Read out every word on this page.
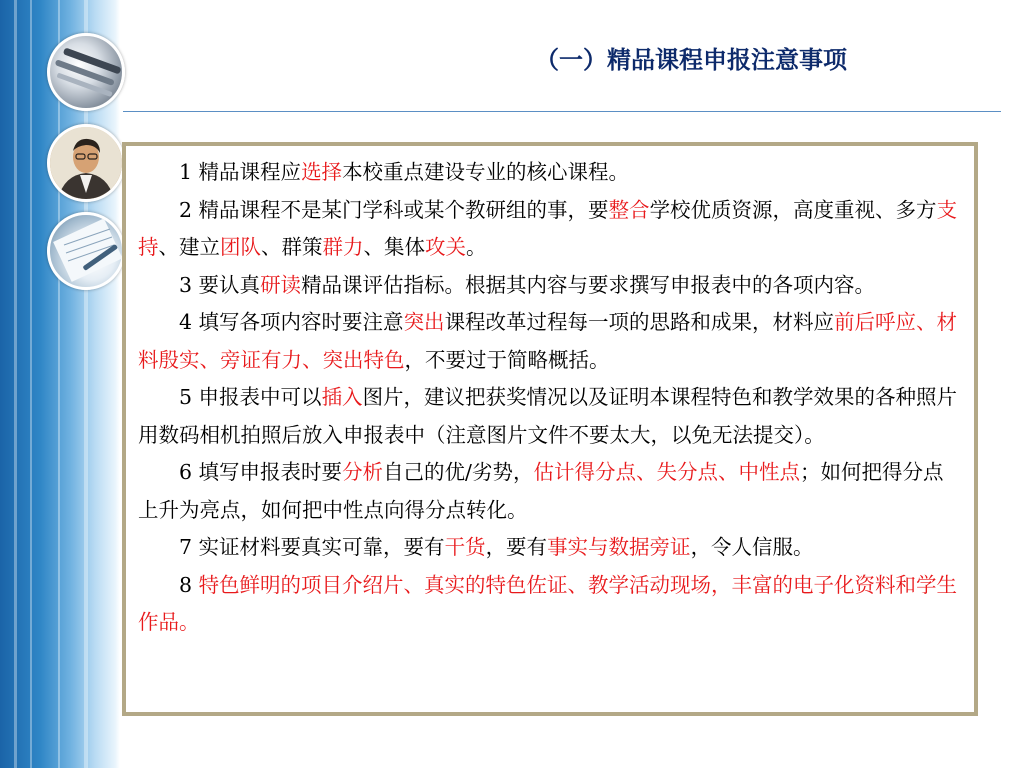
（一）精品课程申报注意事项

1 精品课程应选择本校重点建设专业的核心课程。

2 精品课程不是某门学科或某个教研组的事，要整合学校优质资源，高度重视、多方支持、建立团队、群策群力、集体攻关。

3 要认真研读精品课评估指标。根据其内容与要求撰写申报表中的各项内容。

4 填写各项内容时要注意突出课程改革过程每一项的思路和成果，材料应前后呼应、材料殷实、旁证有力、突出特色，不要过于简略概括。

5 申报表中可以插入图片，建议把获奖情况以及证明本课程特色和教学效果的各种照片用数码相机拍照后放入申报表中（注意图片文件不要太大，以免无法提交）。

6 填写申报表时要分析自己的优/劣势，估计得分点、失分点、中性点；如何把得分点上升为亮点，如何把中性点向得分点转化。

7 实证材料要真实可靠，要有干货，要有事实与数据旁证，令人信服。

8 特色鲜明的项目介绍片、真实的特色佐证、教学活动现场，丰富的电子化资料和学生作品。
